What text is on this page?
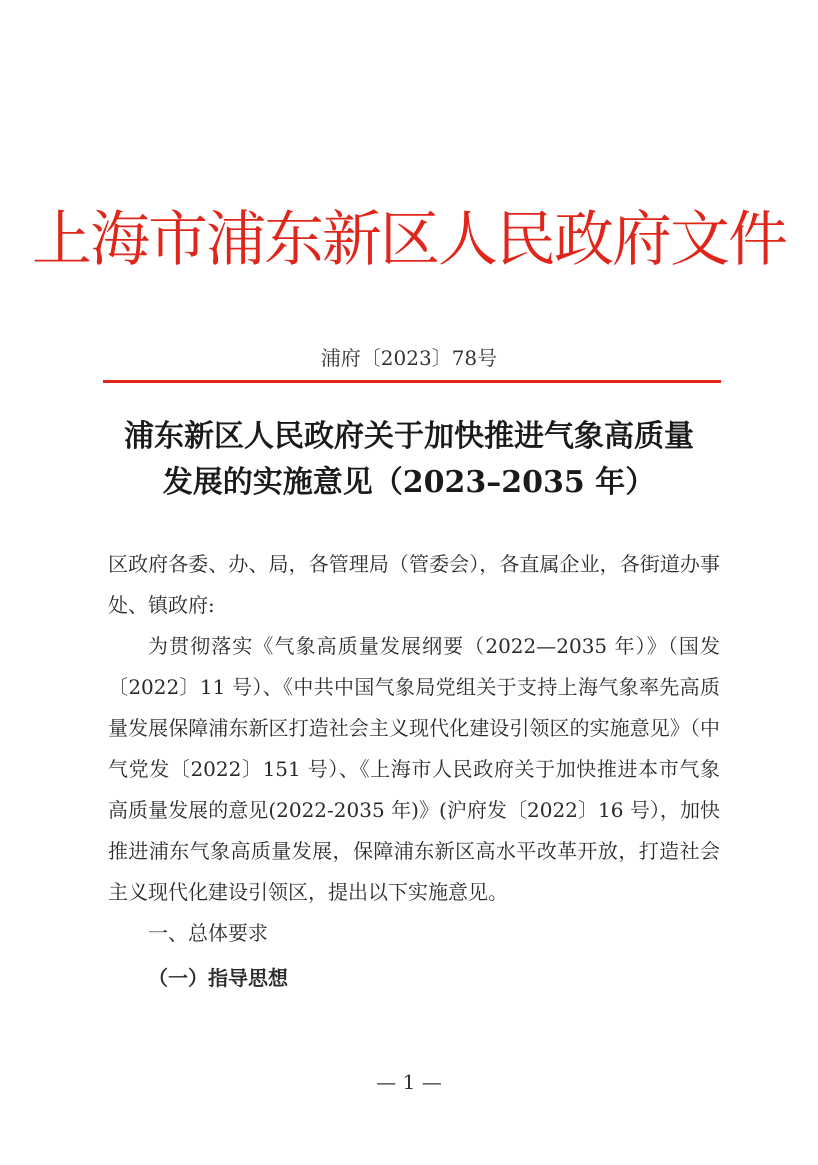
上海市浦东新区人民政府文件
浦府〔2023〕78号
浦东新区人民政府关于加快推进气象高质量
发展的实施意见（2023–2035 年）

区政府各委、办、局，各管理局（管委会），各直属企业，各街道办事处、镇政府:

为贯彻落实《气象高质量发展纲要（2022—2035 年）》（国发〔2022〕11 号）、《中共中国气象局党组关于支持上海气象率先高质量发展保障浦东新区打造社会主义现代化建设引领区的实施意见》（中气党发〔2022〕151 号）、《上海市人民政府关于加快推进本市气象高质量发展的意见(2022-2035 年)》(沪府发〔2022〕16 号），加快推进浦东气象高质量发展，保障浦东新区高水平改革开放，打造社会主义现代化建设引领区，提出以下实施意见。

一、总体要求

（一）指导思想

— 1 —
